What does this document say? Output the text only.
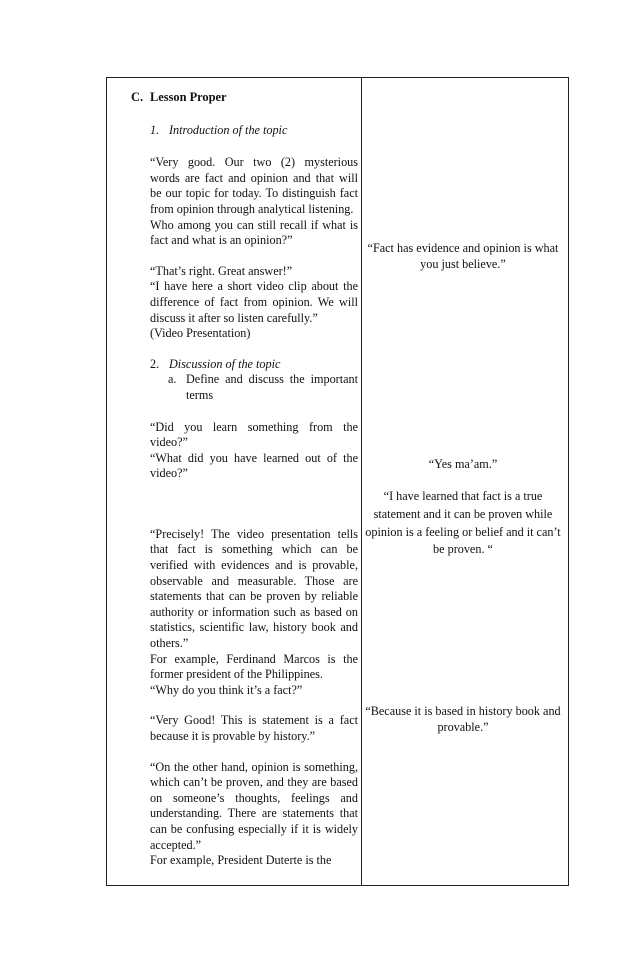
C. Lesson Proper
1. Introduction of the topic

“Very good. Our two (2) mysterious words are fact and opinion and that will be our topic for today. To distinguish fact from opinion through analytical listening.

Who among you can still recall if what is fact and what is an opinion?”

“That’s right. Great answer!”

“I have here a short video clip about the difference of fact from opinion. We will discuss it after so listen carefully.”

(Video Presentation)

2. Discussion of the topic
a. Define and discuss the important terms

“Did you learn something from the video?”

“What did you have learned out of the video?”

“Precisely! The video presentation tells that fact is something which can be verified with evidences and is provable, observable and measurable. Those are statements that can be proven by reliable authority or information such as based on statistics, scientific law, history book and others.”

For example, Ferdinand Marcos is the former president of the Philippines.

“Why do you think it’s a fact?”

“Very Good! This is statement is a fact because it is provable by history.”

“On the other hand, opinion is something, which can’t be proven, and they are based on someone’s thoughts, feelings and understanding. There are statements that can be confusing especially if it is widely accepted.”

For example, President Duterte is the

“Fact has evidence and opinion is what you just believe.”
“Yes ma’am.”
“I have learned that fact is a true statement and it can be proven while opinion is a feeling or belief and it can’t be proven. “
“Because it is based in history book and provable.”
